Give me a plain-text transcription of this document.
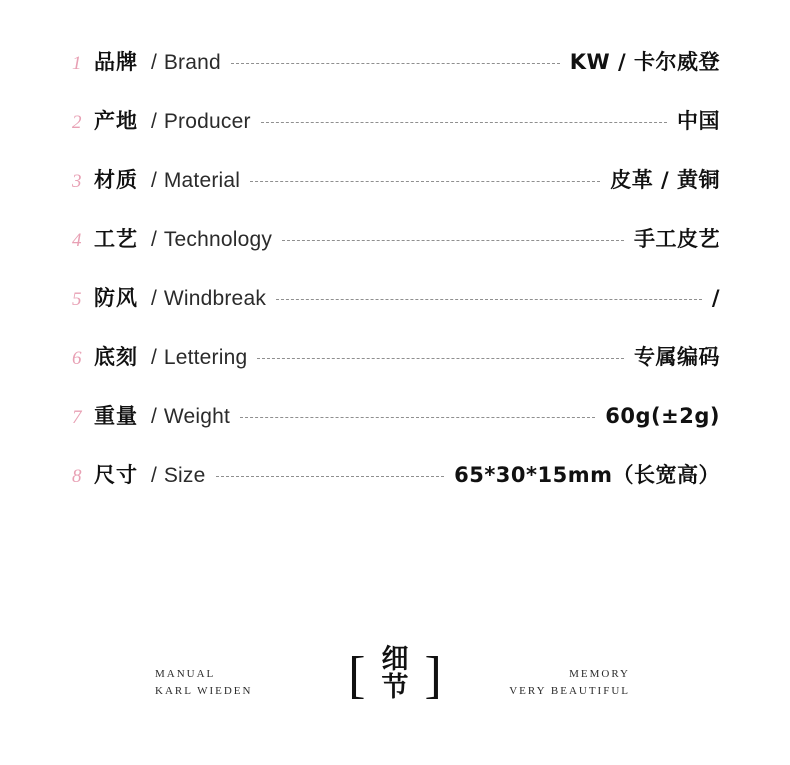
1 品牌 / Brand	KW / 卡尔威登
2 产地 / Producer	中国
3 材质 / Material	皮革 / 黄铜
4 工艺 / Technology	手工皮艺
5 防风 / Windbreak	/
6 底刻 / Lettering	专属编码
7 重量 / Weight	60g(±2g)
8 尺寸 / Size	65*30*15mm（长宽高）
MANUAL
KARL WIEDEN [ 细
节 ]	MEMORY
VERY BEAUTIFUL
